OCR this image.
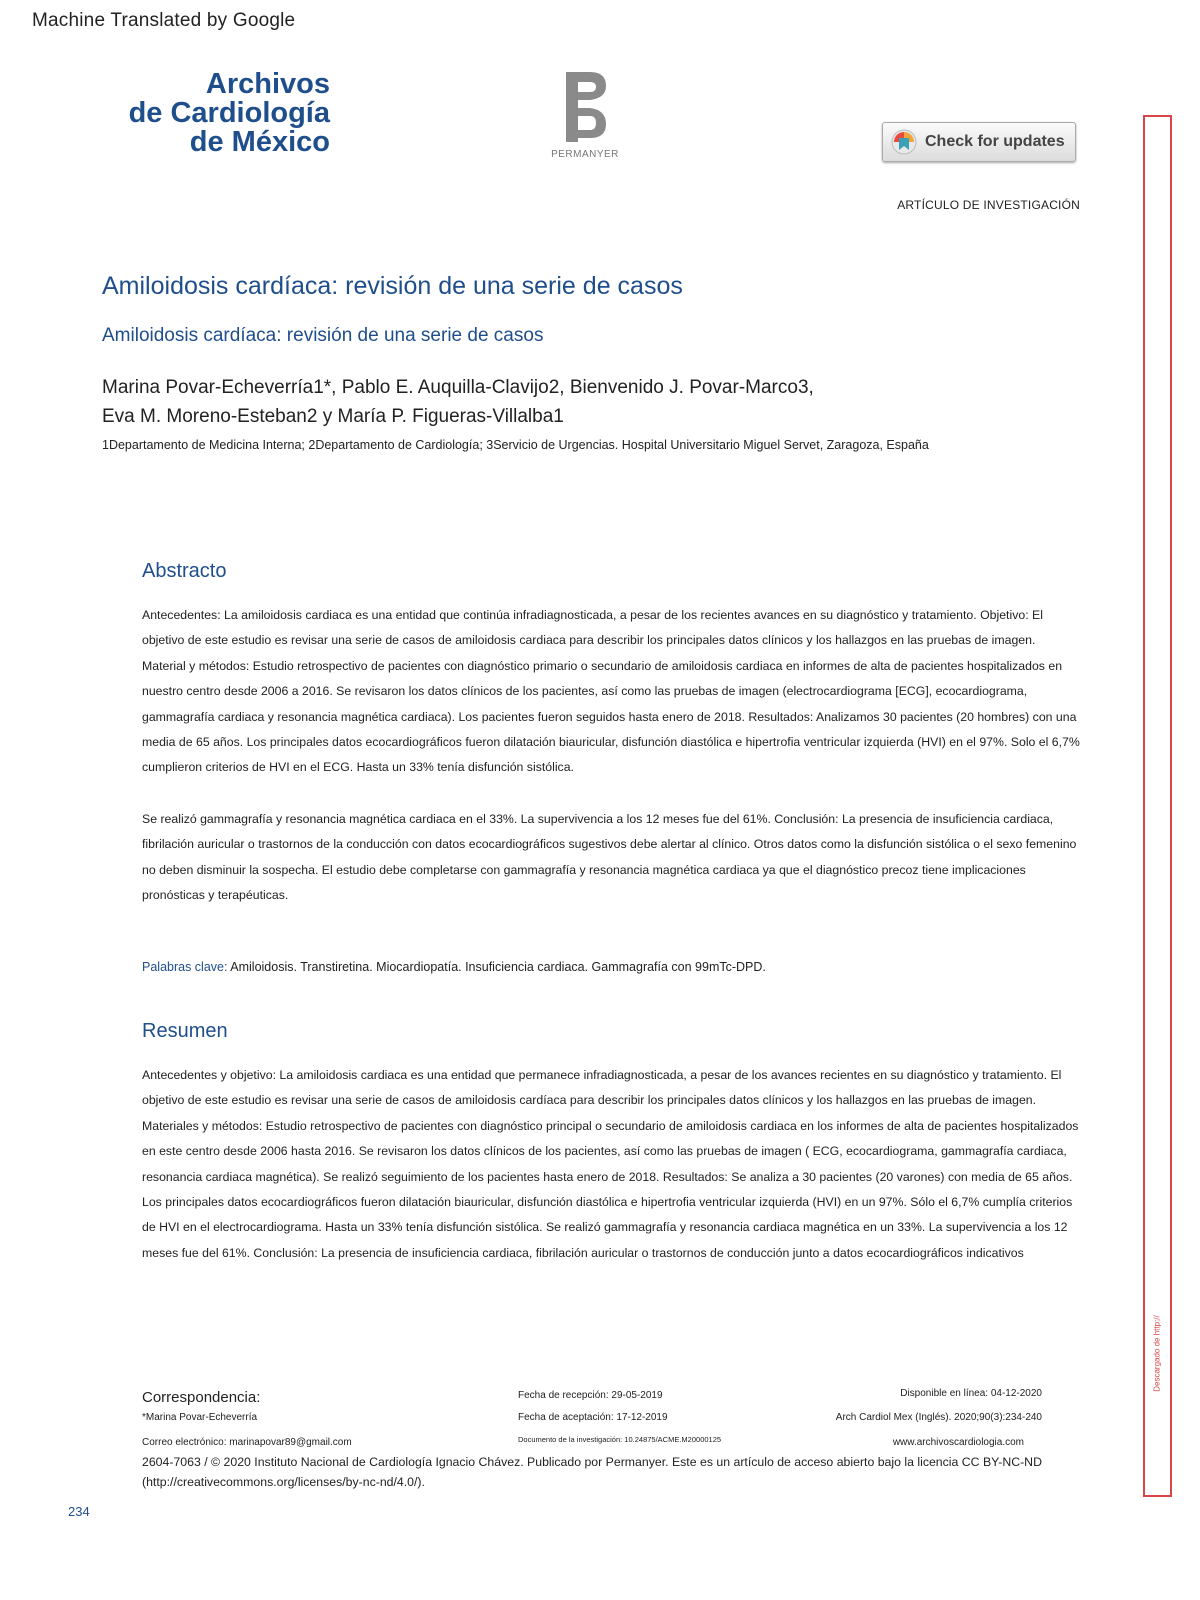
Machine Translated by Google
Archivos
de Cardiología
de México	PERMANYER
Check for updates
ARTÍCULO DE INVESTIGACIÓN
Amiloidosis cardíaca: revisión de una serie de casos
Amiloidosis cardíaca: revisión de una serie de casos
Marina Povar-Echeverría1*, Pablo E. Auquilla-Clavijo2, Bienvenido J. Povar-Marco3, Eva M. Moreno-Esteban2 y María P. Figueras-Villalba1
1Departamento de Medicina Interna; 2Departamento de Cardiología; 3Servicio de Urgencias. Hospital Universitario Miguel Servet, Zaragoza, España
Abstracto
Antecedentes: La amiloidosis cardiaca es una entidad que continúa infradiagnosticada, a pesar de los recientes avances en su diagnóstico y tratamiento. Objetivo: El objetivo de este estudio es revisar una serie de casos de amiloidosis cardiaca para describir los principales datos clínicos y los hallazgos en las pruebas de imagen. Material y métodos: Estudio retrospectivo de pacientes con diagnóstico primario o secundario de amiloidosis cardiaca en informes de alta de pacientes hospitalizados en nuestro centro desde 2006 a 2016. Se revisaron los datos clínicos de los pacientes, así como las pruebas de imagen (electrocardiograma [ECG], ecocardiograma, gammagrafía cardiaca y resonancia magnética cardiaca). Los pacientes fueron seguidos hasta enero de 2018. Resultados: Analizamos 30 pacientes (20 hombres) con una media de 65 años. Los principales datos ecocardiográficos fueron dilatación biauricular, disfunción diastólica e hipertrofia ventricular izquierda (HVI) en el 97%. Solo el 6,7% cumplieron criterios de HVI en el ECG. Hasta un 33% tenía disfunción sistólica.
Se realizó gammagrafía y resonancia magnética cardiaca en el 33%. La supervivencia a los 12 meses fue del 61%. Conclusión: La presencia de insuficiencia cardiaca, fibrilación auricular o trastornos de la conducción con datos ecocardiográficos sugestivos debe alertar al clínico. Otros datos como la disfunción sistólica o el sexo femenino no deben disminuir la sospecha. El estudio debe completarse con gammagrafía y resonancia magnética cardiaca ya que el diagnóstico precoz tiene implicaciones pronósticas y terapéuticas.
Palabras clave: Amiloidosis. Transtiretina. Miocardiopatía. Insuficiencia cardiaca. Gammagrafía con 99mTc-DPD.
Resumen
Antecedentes y objetivo: La amiloidosis cardiaca es una entidad que permanece infradiagnosticada, a pesar de los avances recientes en su diagnóstico y tratamiento. El objetivo de este estudio es revisar una serie de casos de amiloidosis cardíaca para describir los principales datos clínicos y los hallazgos en las pruebas de imagen. Materiales y métodos: Estudio retrospectivo de pacientes con diagnóstico principal o secundario de amiloidosis cardiaca en los informes de alta de pacientes hospitalizados en este centro desde 2006 hasta 2016. Se revisaron los datos clínicos de los pacientes, así como las pruebas de imagen ( ECG, ecocardiograma, gammagrafía cardiaca, resonancia cardiaca magnética). Se realizó seguimiento de los pacientes hasta enero de 2018. Resultados: Se analiza a 30 pacientes (20 varones) con media de 65 años. Los principales datos ecocardiográficos fueron dilatación biauricular, disfunción diastólica e hipertrofia ventricular izquierda (HVI) en un 97%. Sólo el 6,7% cumplía criterios de HVI en el electrocardiograma. Hasta un 33% tenía disfunción sistólica. Se realizó gammagrafía y resonancia cardiaca magnética en un 33%. La supervivencia a los 12 meses fue del 61%. Conclusión: La presencia de insuficiencia cardiaca, fibrilación auricular o trastornos de conducción junto a datos ecocardiográficos indicativos
Correspondencia:
*Marina Povar-Echeverría
Correo electrónico: marinapovar89@gmail.com
Fecha de recepción: 29-05-2019
Fecha de aceptación: 17-12-2019
Documento de la investigación: 10.24875/ACME.M20000125
Disponible en línea: 04-12-2020
Arch Cardiol Mex (Inglés). 2020;90(3):234-240
www.archivoscardiologia.com
2604-7063 / © 2020 Instituto Nacional de Cardiología Ignacio Chávez. Publicado por Permanyer. Este es un artículo de acceso abierto bajo la licencia CC BY-NC-ND (http://creativecommons.org/licenses/by-nc-nd/4.0/).
234
Descargado de http://
